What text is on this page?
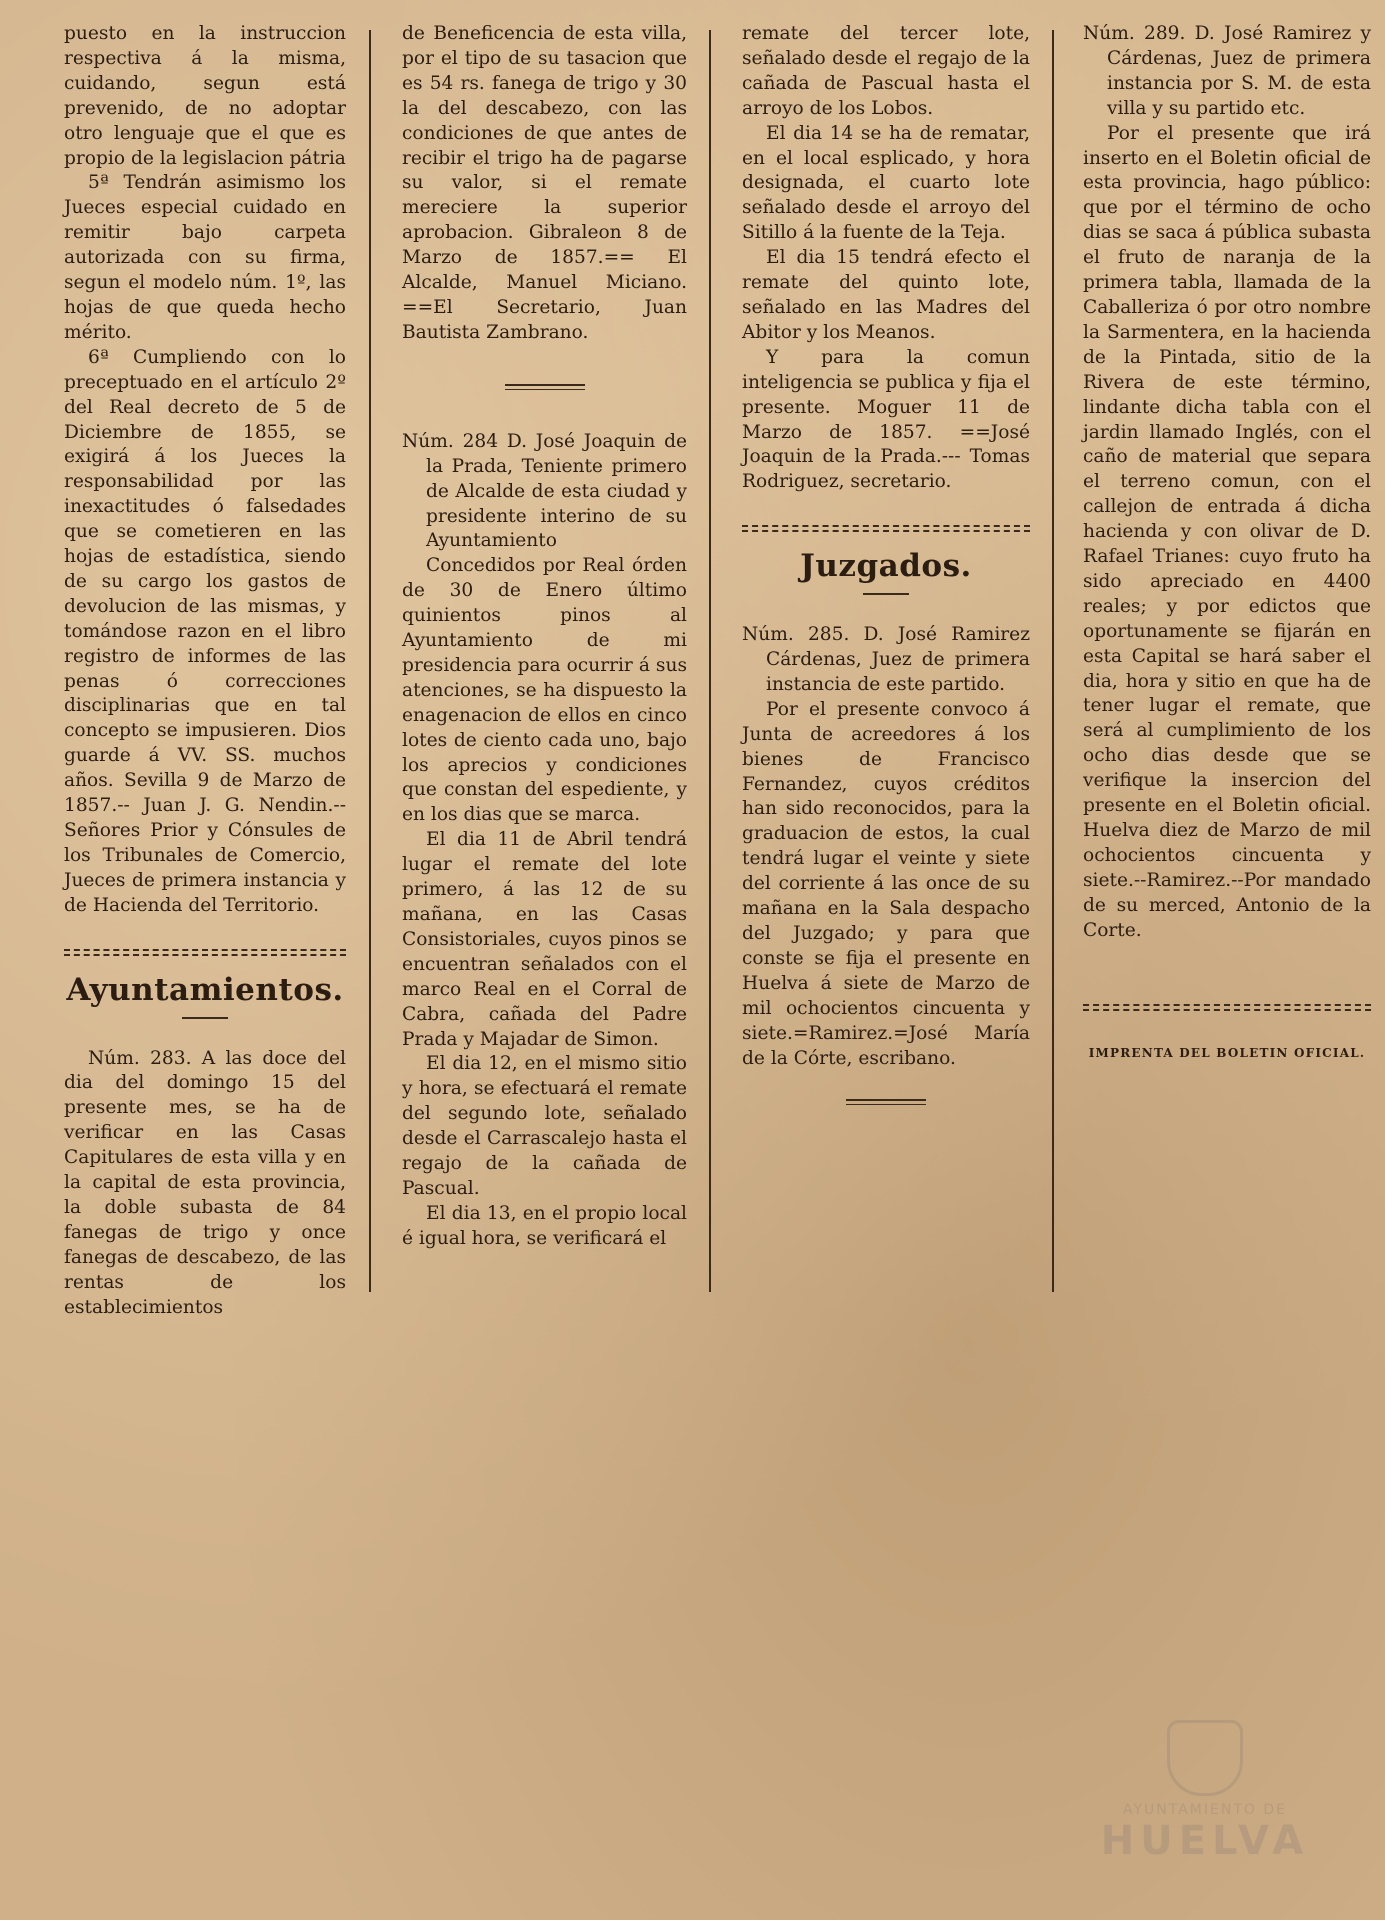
puesto en la instruccion respectiva á la misma, cuidando, segun está prevenido, de no adoptar otro lenguaje que el que es propio de la legislacion pátria

5ª Tendrán asimismo los Jueces especial cuidado en remitir bajo carpeta autorizada con su firma, segun el modelo núm. 1º, las hojas de que queda hecho mérito.

6ª Cumpliendo con lo preceptuado en el artículo 2º del Real decreto de 5 de Diciembre de 1855, se exigirá á los Jueces la responsabilidad por las inexactitudes ó falsedades que se cometieren en las hojas de estadística, siendo de su cargo los gastos de devolucion de las mismas, y tomándose razon en el libro registro de informes de las penas ó correcciones disciplinarias que en tal concepto se impusieren. Dios guarde á VV. SS. muchos años. Sevilla 9 de Marzo de 1857.-- Juan J. G. Nendin.--Señores Prior y Cónsules de los Tribunales de Comercio, Jueces de primera instancia y de Hacienda del Territorio.

Ayuntamientos.

Núm. 283. A las doce del dia del domingo 15 del presente mes, se ha de verificar en las Casas Capitulares de esta villa y en la capital de esta provincia, la doble subasta de 84 fanegas de trigo y once fanegas de descabezo, de las rentas de los establecimientos

de Beneficencia de esta villa, por el tipo de su tasacion que es 54 rs. fanega de trigo y 30 la del descabezo, con las condiciones de que antes de recibir el trigo ha de pagarse su valor, si el remate mereciere la superior aprobacion. Gibraleon 8 de Marzo de 1857.== El Alcalde, Manuel Miciano. ==El Secretario, Juan Bautista Zambrano.

Núm. 284 D. José Joaquin de la Prada, Teniente primero de Alcalde de esta ciudad y presidente interino de su Ayuntamiento

Concedidos por Real órden de 30 de Enero último quinientos pinos al Ayuntamiento de mi presidencia para ocurrir á sus atenciones, se ha dispuesto la enagenacion de ellos en cinco lotes de ciento cada uno, bajo los aprecios y condiciones que constan del espediente, y en los dias que se marca.

El dia 11 de Abril tendrá lugar el remate del lote primero, á las 12 de su mañana, en las Casas Consistoriales, cuyos pinos se encuentran señalados con el marco Real en el Corral de Cabra, cañada del Padre Prada y Majadar de Simon.

El dia 12, en el mismo sitio y hora, se efectuará el remate del segundo lote, señalado desde el Carrascalejo hasta el regajo de la cañada de Pascual.

El dia 13, en el propio local é igual hora, se verificará el

remate del tercer lote, señalado desde el regajo de la cañada de Pascual hasta el arroyo de los Lobos.

El dia 14 se ha de rematar, en el local esplicado, y hora designada, el cuarto lote señalado desde el arroyo del Sitillo á la fuente de la Teja.

El dia 15 tendrá efecto el remate del quinto lote, señalado en las Madres del Abitor y los Meanos.

Y para la comun inteligencia se publica y fija el presente. Moguer 11 de Marzo de 1857. ==José Joaquin de la Prada.--- Tomas Rodriguez, secretario.

Juzgados.

Núm. 285. D. José Ramirez Cárdenas, Juez de primera instancia de este partido.

Por el presente convoco á Junta de acreedores á los bienes de Francisco Fernandez, cuyos créditos han sido reconocidos, para la graduacion de estos, la cual tendrá lugar el veinte y siete del corriente á las once de su mañana en la Sala despacho del Juzgado; y para que conste se fija el presente en Huelva á siete de Marzo de mil ochocientos cincuenta y siete.=Ramirez.=José María de la Córte, escribano.

Núm. 289. D. José Ramirez y Cárdenas, Juez de primera instancia por S. M. de esta villa y su partido etc.

Por el presente que irá inserto en el Boletin oficial de esta provincia, hago público: que por el término de ocho dias se saca á pública subasta el fruto de naranja de la primera tabla, llamada de la Caballeriza ó por otro nombre la Sarmentera, en la hacienda de la Pintada, sitio de la Rivera de este término, lindante dicha tabla con el jardin llamado Inglés, con el caño de material que separa el terreno comun, con el callejon de entrada á dicha hacienda y con olivar de D. Rafael Trianes: cuyo fruto ha sido apreciado en 4400 reales; y por edictos que oportunamente se fijarán en esta Capital se hará saber el dia, hora y sitio en que ha de tener lugar el remate, que será al cumplimiento de los ocho dias desde que se verifique la insercion del presente en el Boletin oficial. Huelva diez de Marzo de mil ochocientos cincuenta y siete.--Ramirez.--Por mandado de su merced, Antonio de la Corte.

IMPRENTA DEL BOLETIN OFICIAL.
AYUNTAMIENTO DE
HUELVA
